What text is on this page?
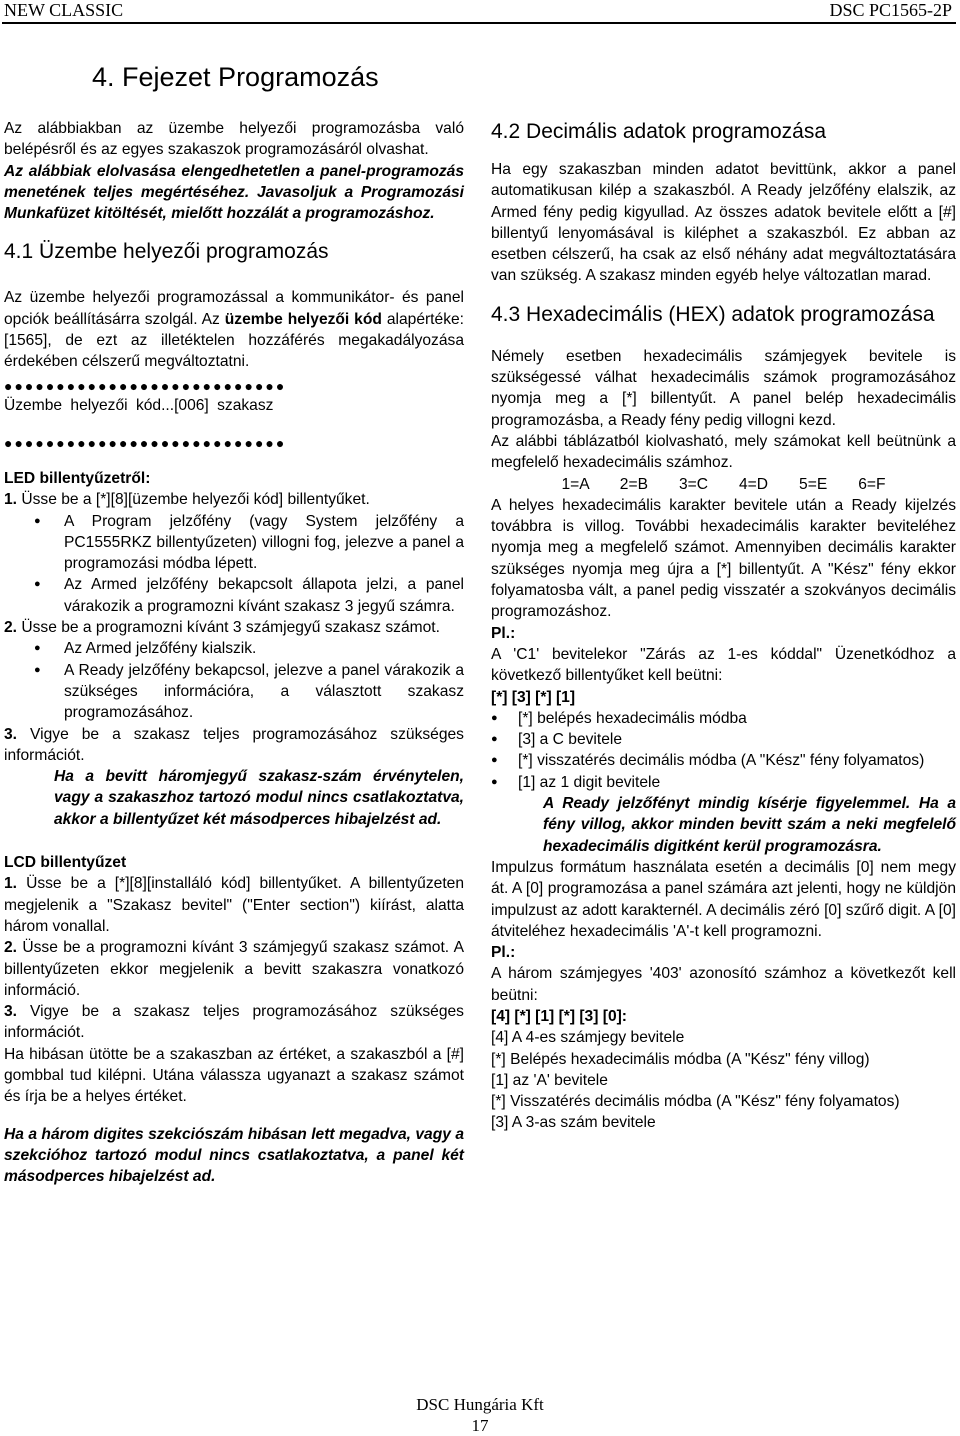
NEW CLASSIC	DSC PC1565-2P
4. Fejezet Programozás

Az alábbiakban az üzembe helyezői programozásba való belépésről és az egyes szakaszok programozásáról olvashat.

Az alábbiak elolvasása elengedhetetlen a panel-programozás menetének teljes megértéséhez. Javasoljuk a Programozási Munkafüzet kitöltését, mielőtt hozzálát a programozáshoz.

4.1 Üzembe helyezői programozás

Az üzembe helyezői programozással a kommunikátor- és panel opciók beállításárra szolgál. Az üzembe helyezői kód alapértéke:[1565], de ezt az illetéktelen hozzáférés megakadályozása érdekében célszerű megváltoztatni.

●●●●●●●●●●●●●●●●●●●●●●●●●●●

Üzembe helyezői kód...[006] szakasz

●●●●●●●●●●●●●●●●●●●●●●●●●●●

LED billentyűzetről:

1. Üsse be a [*][8][üzembe helyezői kód] billentyűket.

● A Program jelzőfény (vagy System jelzőfény a PC1555RKZ billentyűzeten) villogni fog, jelezve a panel a programozási módba lépett.

● Az Armed jelzőfény bekapcsolt állapota jelzi, a panel várakozik a programozni kívánt szakasz 3 jegyű számra.

2. Üsse be a programozni kívánt 3 számjegyű szakasz számot.

● Az Armed jelzőfény kialszik.

● A Ready jelzőfény bekapcsol, jelezve a panel várakozik a szükséges információra, a választott szakasz programozásához.

3. Vigye be a szakasz teljes programozásához szükséges információt.

Ha a bevitt háromjegyű szakasz-szám érvénytelen, vagy a szakaszhoz tartozó modul nincs csatlakoztatva, akkor a billentyűzet két másodperces hibajelzést ad.

LCD billentyűzet

1. Üsse be a [*][8][installáló kód] billentyűket. A billentyűzeten megjelenik a "Szakasz bevitel" ("Enter section") kiírást, alatta három vonallal.

2. Üsse be a programozni kívánt 3 számjegyű szakasz számot. A billentyűzeten ekkor megjelenik a bevitt szakaszra vonatkozó információ.

3. Vigye be a szakasz teljes programozásához szükséges információt.

Ha hibásan ütötte be a szakaszban az értéket, a szakaszból a [#] gombbal tud kilépni. Utána válassza ugyanazt a szakasz számot és írja be a helyes értéket.

Ha a három digites szekciószám hibásan lett megadva, vagy a szekcióhoz tartozó modul nincs csatlakoztatva, a panel két másodperces hibajelzést ad.

4.2 Decimális adatok programozása

Ha egy szakaszban minden adatot bevittünk, akkor a panel automatikusan kilép a szakaszból. A Ready jelzőfény elalszik, az Armed fény pedig kigyullad. Az összes adatok bevitele előtt a [#] billentyű lenyomásával is kiléphet a szakaszból. Ez abban az esetben célszerű, ha csak az első néhány adat megváltoztatására van szükség. A szakasz minden egyéb helye változatlan marad.

4.3 Hexadecimális (HEX) adatok programozása

Némely esetben hexadecimális számjegyek bevitele is szükségessé válhat hexadecimális számok programozásához nyomja meg a [*] billentyűt. A panel belép hexadecimális programozásba, a Ready fény pedig villogni kezd.

Az alábbi táblázatból kiolvasható, mely számokat kell beütnünk a megfelelő hexadecimális számhoz.

1=A   2=B   3=C   4=D   5=E   6=F

A helyes hexadecimális karakter bevitele után a Ready kijelzés továbbra is villog. További hexadecimális karakter beviteléhez nyomja meg a megfelelő számot. Amennyiben decimális karakter szükséges nyomja meg újra a [*] billentyűt. A "Kész" fény ekkor folyamatosba vált, a panel pedig visszatér a szokványos decimális programozáshoz.

Pl.:

A 'C1' bevitelekor "Zárás az 1-es kóddal" Üzenetkódhoz a következő billentyűket kell beütni:

[*] [3] [*] [1]

● [*] belépés hexadecimális módba

● [3] a C bevitele

● [*] visszatérés decimális módba (A "Kész" fény folyamatos)

● [1] az 1 digit bevitele

A Ready jelzőfényt mindig kísérje figyelemmel. Ha a fény villog, akkor minden bevitt szám a neki megfelelő hexadecimális digitként kerül programozásra.

Impulzus formátum használata esetén a decimális [0] nem megy át. A [0] programozása a panel számára azt jelenti, hogy ne küldjön impulzust az adott karakternél. A decimális zéró [0] szűrő digit. A [0] átviteléhez hexadecimális 'A'-t kell programozni.

Pl.:

A három számjegyes '403' azonosító számhoz a következőt kell beütni:

[4] [*] [1] [*] [3] [0]:

[4] A 4-es számjegy bevitele

[*] Belépés hexadecimális módba (A "Kész" fény villog)

[1] az 'A' bevitele

[*] Visszatérés decimális módba (A "Kész" fény folyamatos)

[3] A 3-as szám bevitele

DSC Hungária Kft
17
